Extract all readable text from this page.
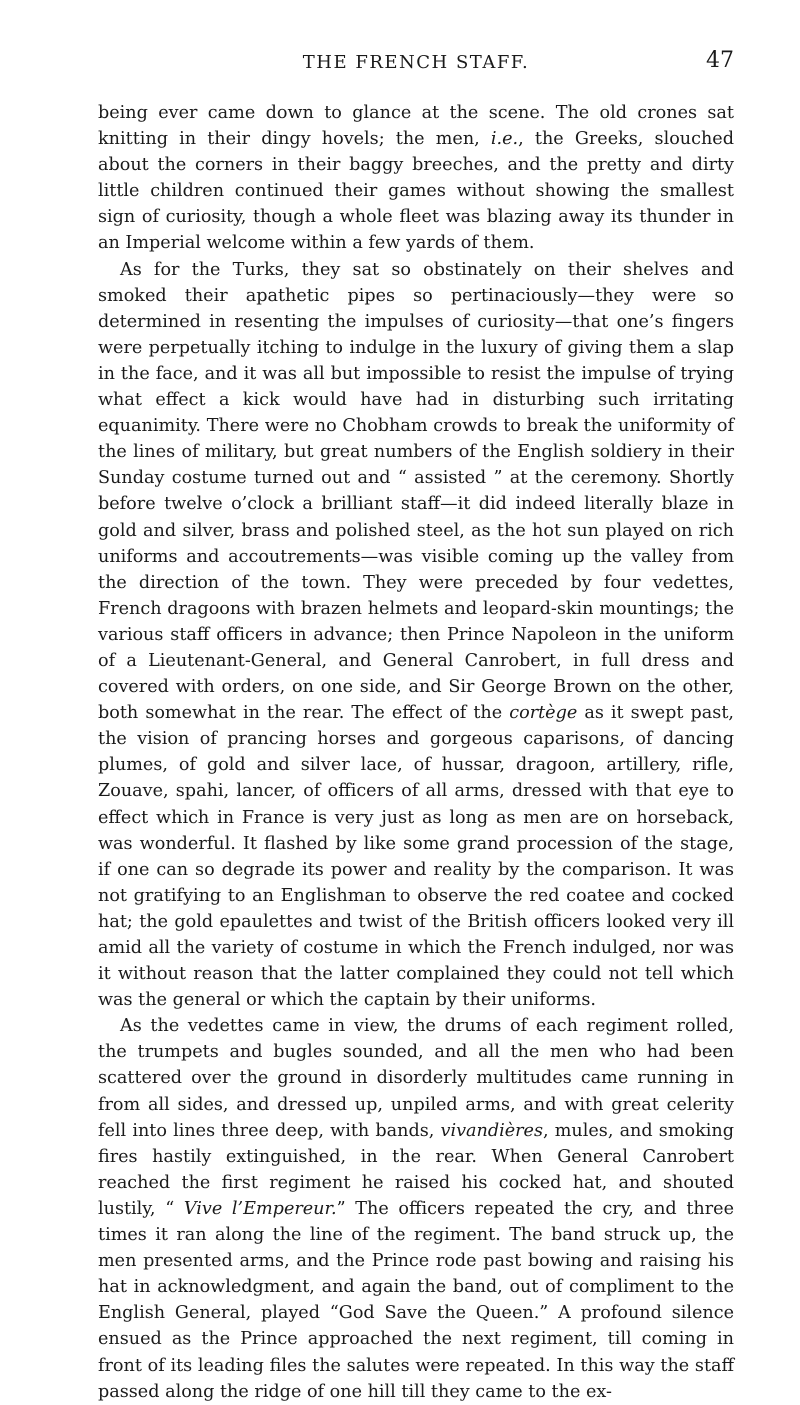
THE FRENCH STAFF.	47

being ever came down to glance at the scene. The old crones sat knitting in their dingy hovels; the men, i.e., the Greeks, slouched about the corners in their baggy breeches, and the pretty and dirty little children continued their games without showing the smallest sign of curiosity, though a whole fleet was blazing away its thunder in an Imperial welcome within a few yards of them.

As for the Turks, they sat so obstinately on their shelves and smoked their apathetic pipes so pertinaciously—they were so determined in resenting the impulses of curiosity—that one’s fingers were perpetually itching to indulge in the luxury of giving them a slap in the face, and it was all but impossible to resist the impulse of trying what effect a kick would have had in disturbing such irritating equanimity. There were no Chobham crowds to break the uniformity of the lines of military, but great numbers of the English soldiery in their Sunday costume turned out and “ assisted ” at the ceremony. Shortly before twelve o’clock a brilliant staff—it did indeed literally blaze in gold and silver, brass and polished steel, as the hot sun played on rich uniforms and accoutrements—was visible coming up the valley from the direction of the town. They were preceded by four vedettes, French dragoons with brazen helmets and leopard-skin mountings; the various staff officers in advance; then Prince Napoleon in the uniform of a Lieutenant-General, and General Canrobert, in full dress and covered with orders, on one side, and Sir George Brown on the other, both somewhat in the rear. The effect of the cortège as it swept past, the vision of prancing horses and gorgeous caparisons, of dancing plumes, of gold and silver lace, of hussar, dragoon, artillery, rifle, Zouave, spahi, lancer, of officers of all arms, dressed with that eye to effect which in France is very just as long as men are on horseback, was wonderful. It flashed by like some grand procession of the stage, if one can so degrade its power and reality by the comparison. It was not gratifying to an Englishman to observe the red coatee and cocked hat; the gold epaulettes and twist of the British officers looked very ill amid all the variety of costume in which the French indulged, nor was it without reason that the latter complained they could not tell which was the general or which the captain by their uniforms.

As the vedettes came in view, the drums of each regiment rolled, the trumpets and bugles sounded, and all the men who had been scattered over the ground in disorderly multitudes came running in from all sides, and dressed up, unpiled arms, and with great celerity fell into lines three deep, with bands, vivandières, mules, and smoking fires hastily extinguished, in the rear. When General Canrobert reached the first regiment he raised his cocked hat, and shouted lustily, “ Vive l’Empereur.” The officers repeated the cry, and three times it ran along the line of the regiment. The band struck up, the men presented arms, and the Prince rode past bowing and raising his hat in acknowledgment, and again the band, out of compliment to the English General, played “God Save the Queen.” A profound silence ensued as the Prince approached the next regiment, till coming in front of its leading files the salutes were repeated. In this way the staff passed along the ridge of one hill till they came to the ex-
